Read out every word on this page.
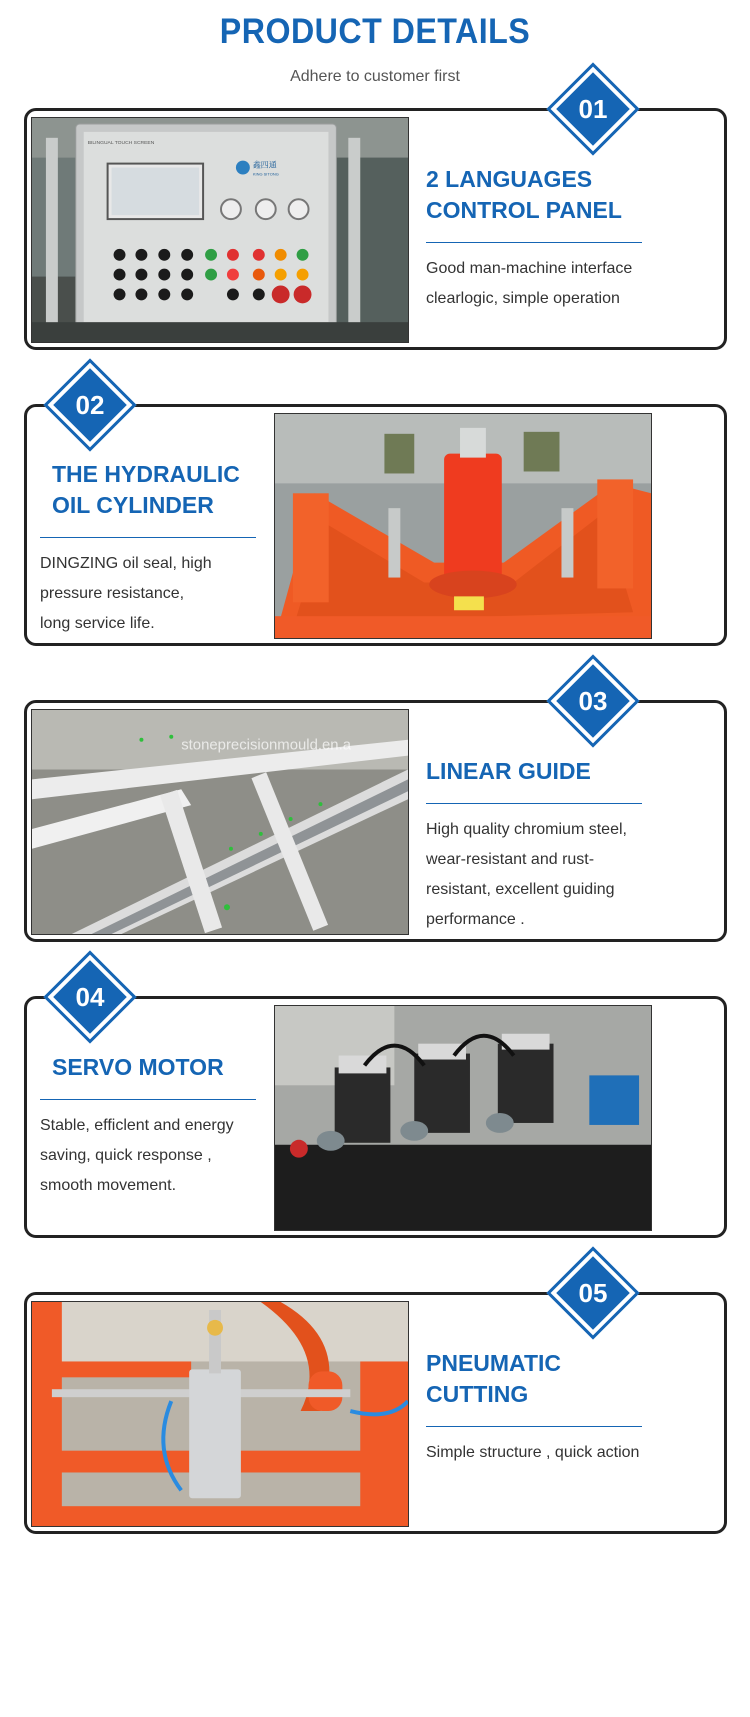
PRODUCT DETAILS
Adhere to customer first
BILINGUAL TOUCH SCREEN
鑫四通
KING SITONG
01
2 LANGUAGES
CONTROL PANEL
Good man-machine interface
clearlogic, simple operation
02
THE HYDRAULIC
OIL CYLINDER
DINGZING oil seal, high
pressure resistance,
long service life.
stoneprecisionmould.en.a
03
LINEAR GUIDE
High quality chromium steel,
wear-resistant and rust-
resistant, excellent guiding
performance .
04
SERVO MOTOR
Stable, efficlent and energy
saving, quick response ,
smooth movement.
05
PNEUMATIC
CUTTING
Simple structure , quick action
